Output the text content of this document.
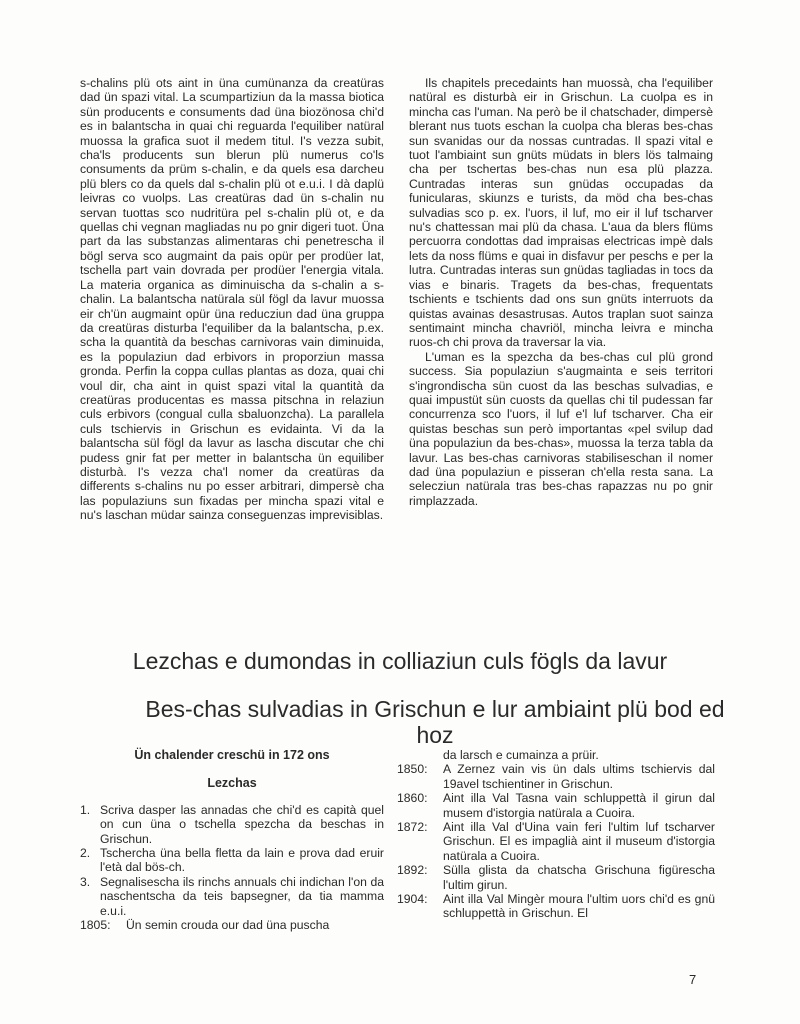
s-chalins plü ots aint in üna cumünanza da creatüras dad ün spazi vital. La scumpartiziun da la massa biotica sün producents e consuments dad üna biozönosa chi'd es in balantscha in quai chi reguarda l'equiliber natüral muossa la grafica suot il medem titul. I's vezza subit, cha'ls producents sun blerun plü numerus co'ls consuments da prüm s-chalin, e da quels esa darcheu plü blers co da quels dal s-chalin plü ot e.u.i. I dà daplü leivras co vuolps. Las creatüras dad ün s-chalin nu servan tuottas sco nudritüra pel s-chalin plü ot, e da quellas chi vegnan magliadas nu po gnir digeri tuot. Üna part da las substanzas alimentaras chi penetrescha il bögl serva sco augmaint da pais opür per prodüer lat, tschella part vain dovrada per prodüer l'energia vitala. La materia organica as diminuischa da s-chalin a s-chalin. La balantscha natürala sül fögl da lavur muossa eir ch'ün augmaint opür üna reducziun dad üna gruppa da creatüras disturba l'equiliber da la balantscha, p.ex. scha la quantità da beschas carnivoras vain diminuida, es la populaziun dad erbivors in proporziun massa gronda. Perfin la coppa cullas plantas as doza, quai chi voul dir, cha aint in quist spazi vital la quantità da creatüras producentas es massa pitschna in relaziun culs erbivors (congual culla sbaluonzcha). La parallela culs tschiervis in Grischun es evidainta. Vi da la balantscha sül fögl da lavur as lascha discutar che chi pudess gnir fat per metter in balantscha ün equiliber disturbà. I's vezza cha'l nomer da creatüras da differents s-chalins nu po esser arbitrari, dimpersè cha las populaziuns sun fixadas per mincha spazi vital e nu's laschan müdar sainza conseguenzas imprevisiblas.

Ils chapitels precedaints han muossà, cha l'equiliber natüral es disturbà eir in Grischun. La cuolpa es in mincha cas l'uman. Na però be il chatschader, dimpersè blerant nus tuots eschan la cuolpa cha bleras bes-chas sun svanidas our da nossas cuntradas. Il spazi vital e tuot l'ambiaint sun gnüts müdats in blers lös talmaing cha per tschertas bes-chas nun esa plü plazza. Cuntradas interas sun gnüdas occupadas da funicularas, skiunzs e turists, da möd cha bes-chas sulvadias sco p. ex. l'uors, il luf, mo eir il luf tscharver nu's chattessan mai plü da chasa. L'aua da blers flüms percuorra condottas dad impraisas electricas impè dals lets da noss flüms e quai in disfavur per peschs e per la lutra. Cuntradas interas sun gnüdas tagliadas in tocs da vias e binaris. Tragets da bes-chas, frequentats tschients e tschients dad ons sun gnüts interruots da quistas avainas desastrusas. Autos traplan suot sainza sentimaint mincha chavriöl, mincha leivra e mincha ruos-ch chi prova da traversar la via.

L'uman es la spezcha da bes-chas cul plü grond success. Sia populaziun s'augmainta e seis territori s'ingrondischa sün cuost da las beschas sulvadias, e quai impustüt sün cuosts da quellas chi til pudessan far concurrenza sco l'uors, il luf e'l luf tscharver. Cha eir quistas beschas sun però importantas «pel svilup dad üna populaziun da bes-chas», muossa la terza tabla da lavur. Las bes-chas carnivoras stabiliseschan il nomer dad üna populaziun e pisseran ch'ella resta sana. La selecziun natürala tras bes-chas rapazzas nu po gnir rimplazzada.

Lezchas e dumondas in colliaziun culs fögls da lavur
Bes-chas sulvadias in Grischun e lur ambiaint plü bod ed hoz

Ün chalender creschü in 172 ons

Lezchas

1. Scriva dasper las annadas che chi'd es capità quel on cun üna o tschella spezcha da beschas in Grischun.
2. Tschercha üna bella fletta da lain e prova dad eruir l'età dal bös-ch.
3. Segnalisescha ils rinchs annuals chi indichan l'on da naschentscha da teis bapsegner, da tia mamma e.u.i.
1805:	Ün semin crouda our dad üna puscha
da larsch e cumainza a prüir.
1850:	A Zernez vain vis ün dals ultims tschiervis dal 19avel tschientiner in Grischun.
1860:	Aint illa Val Tasna vain schluppettà il girun dal musem d'istorgia natürala a Cuoira.
1872:	Aint illa Val d'Uina vain feri l'ultim luf tscharver Grischun. El es impaglià aint il museum d'istorgia natürala a Cuoira.
1892:	Sülla glista da chatscha Grischuna figürescha l'ultim girun.
1904:	Aint illa Val Mingèr moura l'ultim uors chi'd es gnü schluppettà in Grischun. El
7
